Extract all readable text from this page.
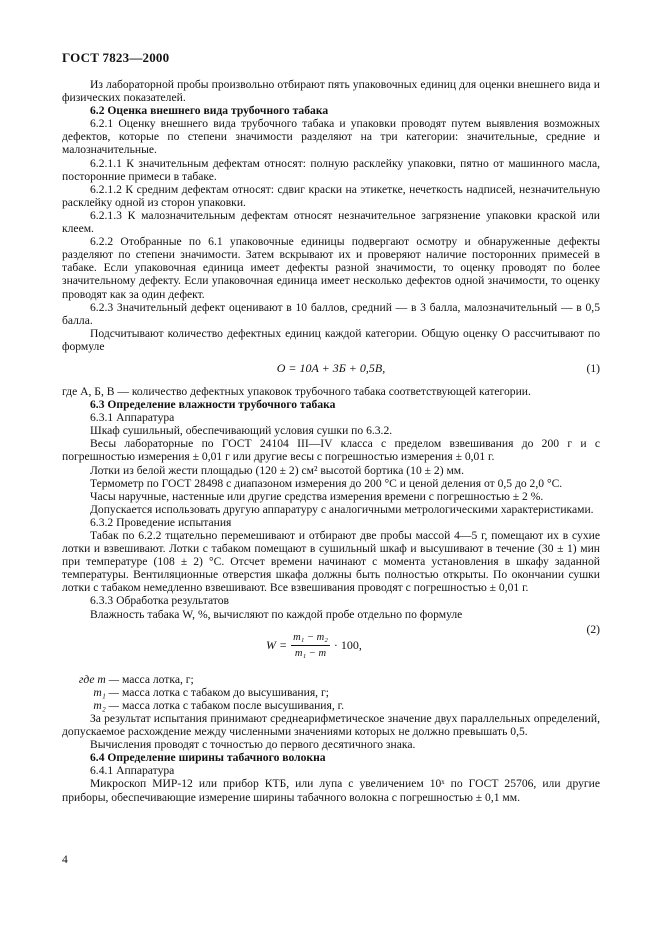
ГОСТ 7823—2000

Из лабораторной пробы произвольно отбирают пять упаковочных единиц для оценки внешнего вида и физических показателей.

6.2 Оценка внешнего вида трубочного табака

6.2.1 Оценку внешнего вида трубочного табака и упаковки проводят путем выявления возможных дефектов, которые по степени значимости разделяют на три категории: значительные, средние и малозначительные.

6.2.1.1 К значительным дефектам относят: полную расклейку упаковки, пятно от машинного масла, посторонние примеси в табаке.

6.2.1.2 К средним дефектам относят: сдвиг краски на этикетке, нечеткость надписей, незначительную расклейку одной из сторон упаковки.

6.2.1.3 К малозначительным дефектам относят незначительное загрязнение упаковки краской или клеем.

6.2.2 Отобранные по 6.1 упаковочные единицы подвергают осмотру и обнаруженные дефекты разделяют по степени значимости. Затем вскрывают их и проверяют наличие посторонних примесей в табаке. Если упаковочная единица имеет дефекты разной значимости, то оценку проводят по более значительному дефекту. Если упаковочная единица имеет несколько дефектов одной значимости, то оценку проводят как за один дефект.

6.2.3 Значительный дефект оценивают в 10 баллов, средний — в 3 балла, малозначительный — в 0,5 балла.

Подсчитывают количество дефектных единиц каждой категории. Общую оценку O рассчитывают по формуле

O = 10A + 3Б + 0,5B,	(1)

где А, Б, В — количество дефектных упаковок трубочного табака соответствующей категории.

6.3 Определение влажности трубочного табака

6.3.1 Аппаратура

Шкаф сушильный, обеспечивающий условия сушки по 6.3.2.

Весы лабораторные по ГОСТ 24104 III—IV класса с пределом взвешивания до 200 г и с погрешностью измерения ± 0,01 г или другие весы с погрешностью измерения ± 0,01 г.

Лотки из белой жести площадью (120 ± 2) см² высотой бортика (10 ± 2) мм.

Термометр по ГОСТ 28498 с диапазоном измерения до 200 °С и ценой деления от 0,5 до 2,0 °С.

Часы наручные, настенные или другие средства измерения времени с погрешностью ± 2 %.

Допускается использовать другую аппаратуру с аналогичными метрологическими характеристиками.

6.3.2 Проведение испытания

Табак по 6.2.2 тщательно перемешивают и отбирают две пробы массой 4—5 г, помещают их в сухие лотки и взвешивают. Лотки с табаком помещают в сушильный шкаф и высушивают в течение (30 ± 1) мин при температуре (108 ± 2) °С. Отсчет времени начинают с момента установления в шкафу заданной температуры. Вентиляционные отверстия шкафа должны быть полностью открыты. По окончании сушки лотки с табаком немедленно взвешивают. Все взвешивания проводят с погрешностью ± 0,01 г.

6.3.3 Обработка результатов

Влажность табака W, %, вычисляют по каждой пробе отдельно по формуле

$W = \frac{\text{m₁ − m₂}}{\text{m₁ − m}} \cdot 100$,
(2)
где m — масса лотка, г;
m₁ — масса лотка с табаком до высушивания, г;
m₂ — масса лотка с табаком после высушивания, г.

За результат испытания принимают среднеарифметическое значение двух параллельных определений, допускаемое расхождение между численными значениями которых не должно превышать 0,5.

Вычисления проводят с точностью до первого десятичного знака.

6.4 Определение ширины табачного волокна

6.4.1 Аппаратура

Микроскоп МИР-12 или прибор КТБ, или лупа с увеличением 10ˣ по ГОСТ 25706, или другие приборы, обеспечивающие измерение ширины табачного волокна с погрешностью ± 0,1 мм.

4
